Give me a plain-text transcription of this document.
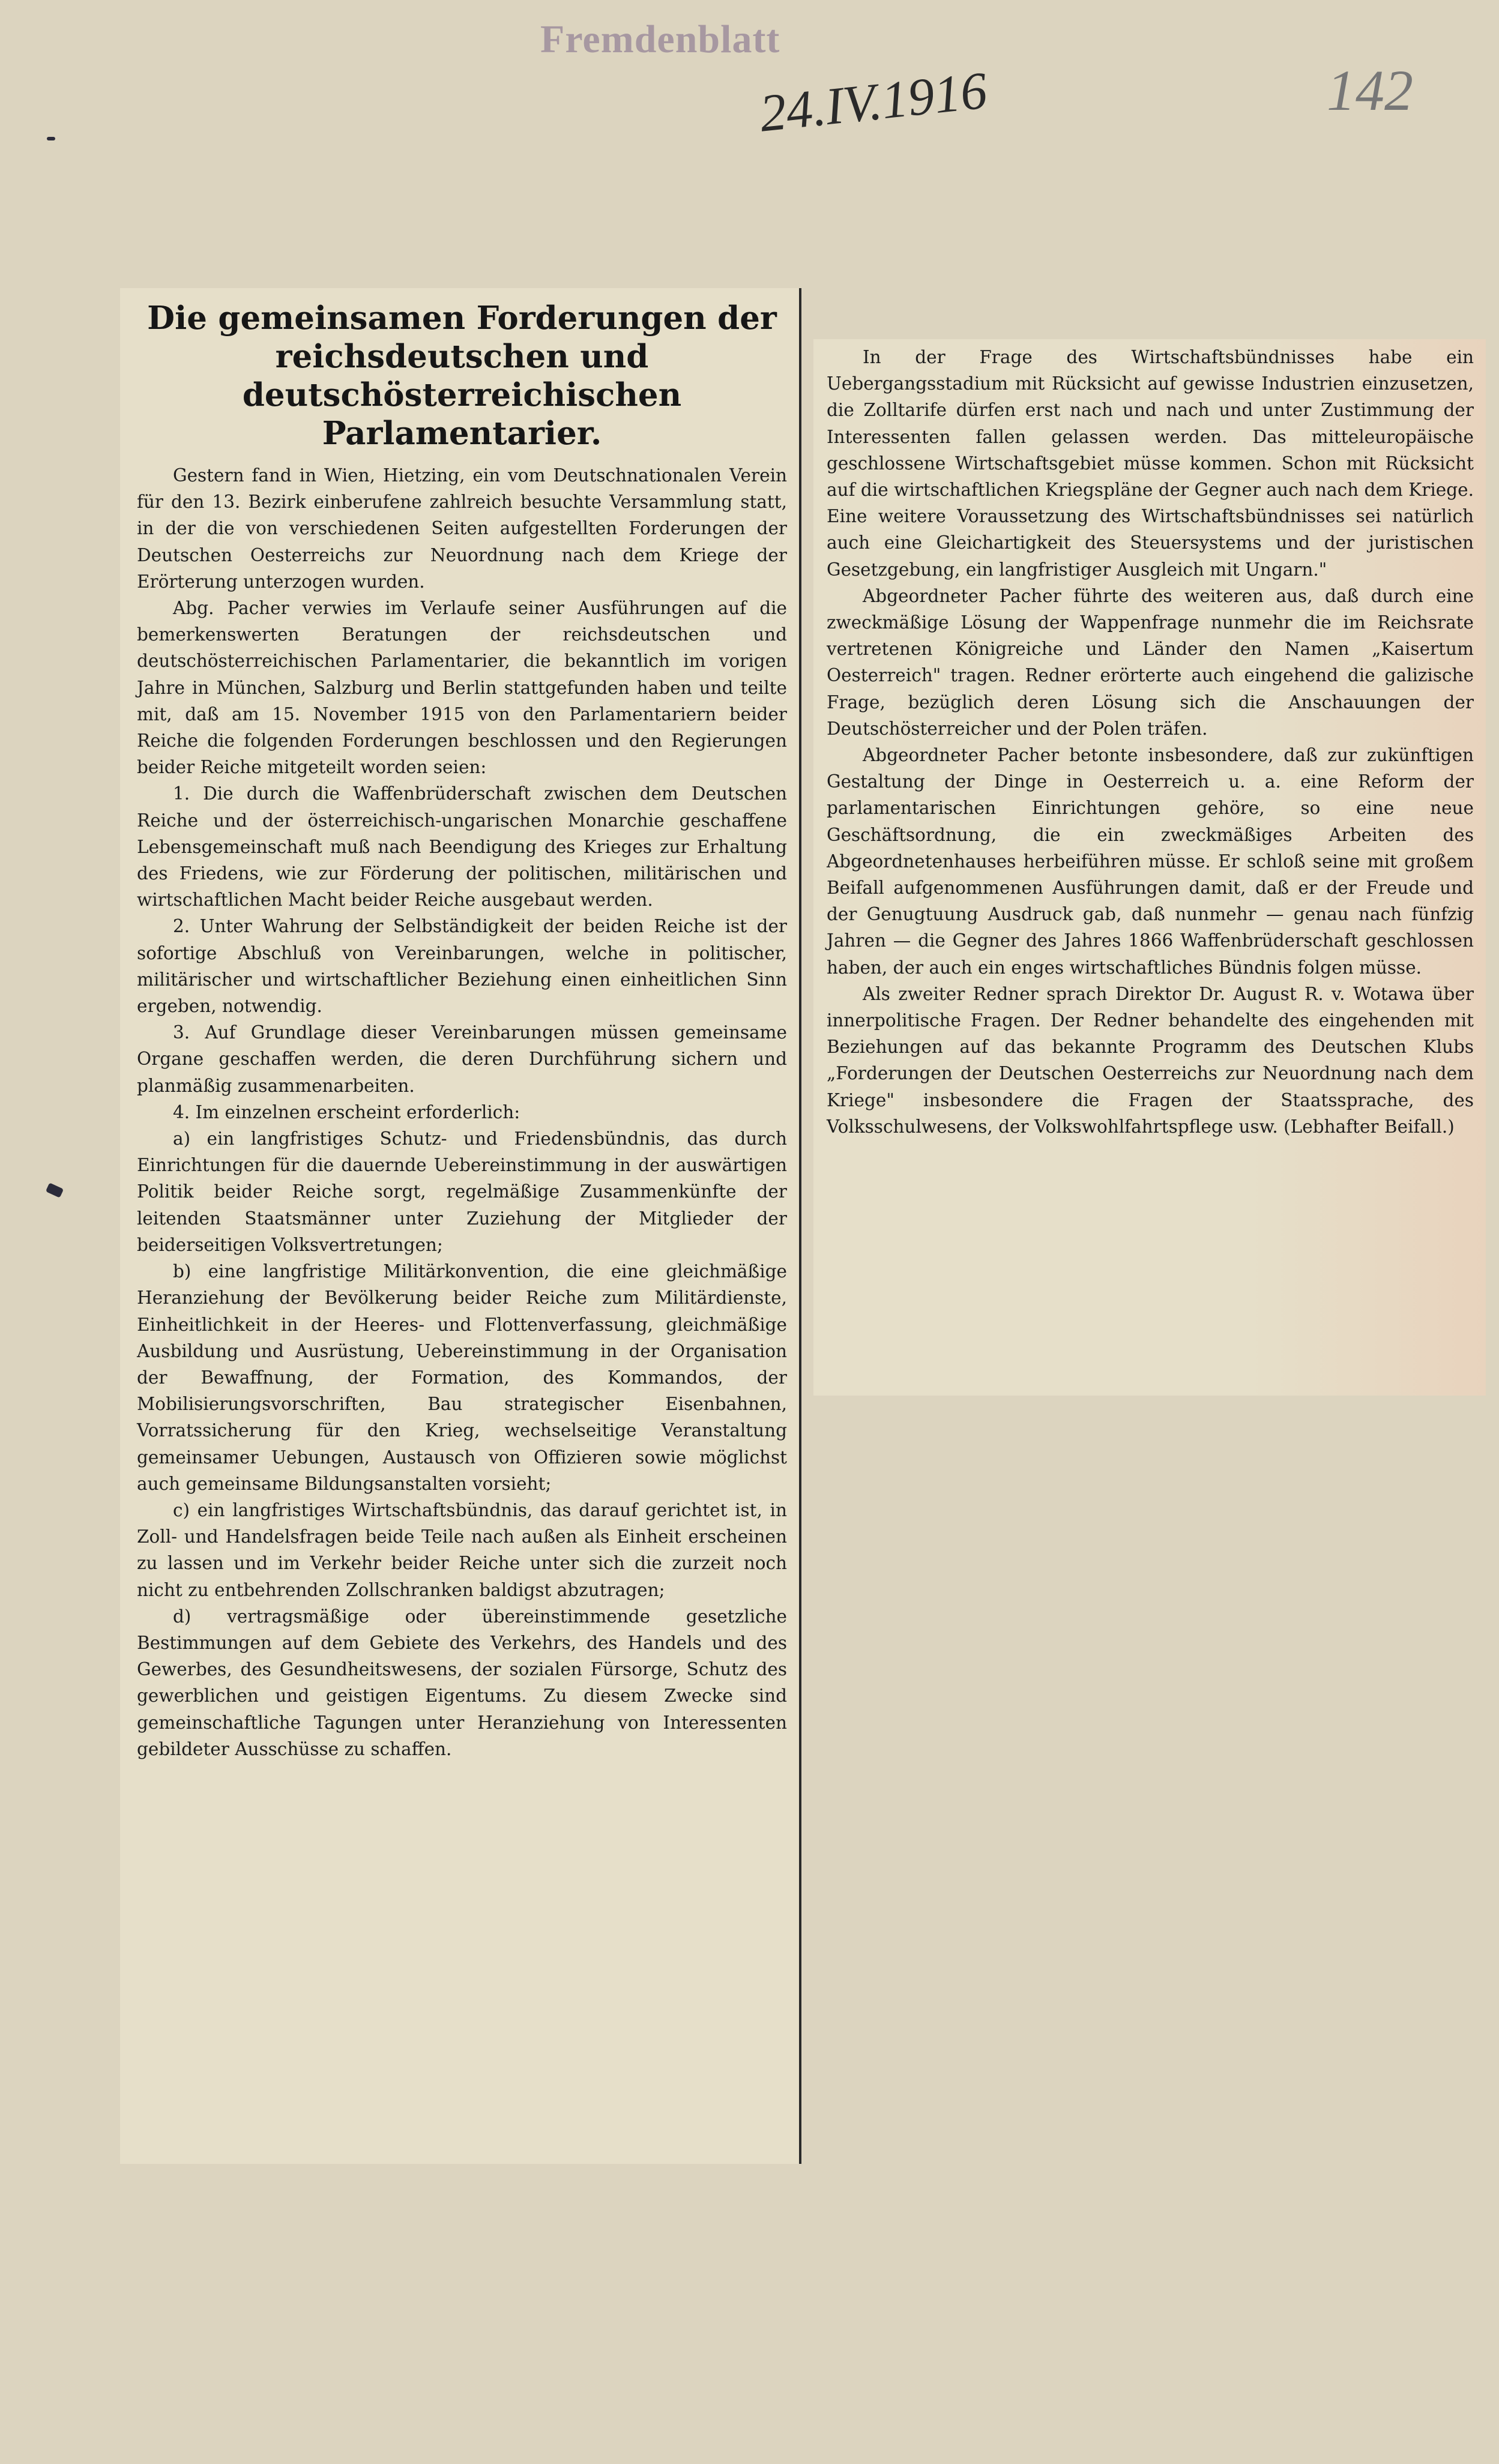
Fremdenblatt
24.IV.1916	142
Die gemeinsamen Forderungen der reichsdeutschen und deutschösterreichischen Parlamentarier.

Gestern fand in Wien, Hietzing, ein vom Deutschnationalen Verein für den 13. Bezirk einberufene zahlreich besuchte Versammlung statt, in der die von verschiedenen Seiten aufgestellten Forderungen der Deutschen Oesterreichs zur Neuordnung nach dem Kriege der Erörterung unterzogen wurden.

Abg. Pacher verwies im Verlaufe seiner Ausführungen auf die bemerkenswerten Beratungen der reichsdeutschen und deutschösterreichischen Parlamentarier, die bekanntlich im vorigen Jahre in München, Salzburg und Berlin stattgefunden haben und teilte mit, daß am 15. November 1915 von den Parlamentariern beider Reiche die folgenden Forderungen beschlossen und den Regierungen beider Reiche mitgeteilt worden seien:

1. Die durch die Waffenbrüderschaft zwischen dem Deutschen Reiche und der österreichisch-ungarischen Monarchie geschaffene Lebensgemeinschaft muß nach Beendigung des Krieges zur Erhaltung des Friedens, wie zur Förderung der politischen, militärischen und wirtschaftlichen Macht beider Reiche ausgebaut werden.

2. Unter Wahrung der Selbständigkeit der beiden Reiche ist der sofortige Abschluß von Vereinbarungen, welche in politischer, militärischer und wirtschaftlicher Beziehung einen einheitlichen Sinn ergeben, notwendig.

3. Auf Grundlage dieser Vereinbarungen müssen gemeinsame Organe geschaffen werden, die deren Durchführung sichern und planmäßig zusammenarbeiten.

4. Im einzelnen erscheint erforderlich:

a) ein langfristiges Schutz- und Friedensbündnis, das durch Einrichtungen für die dauernde Uebereinstimmung in der auswärtigen Politik beider Reiche sorgt, regelmäßige Zusammenkünfte der leitenden Staatsmänner unter Zuziehung der Mitglieder der beiderseitigen Volksvertretungen;

b) eine langfristige Militärkonvention, die eine gleichmäßige Heranziehung der Bevölkerung beider Reiche zum Militärdienste, Einheitlichkeit in der Heeres- und Flottenverfassung, gleichmäßige Ausbildung und Ausrüstung, Uebereinstimmung in der Organisation der Bewaffnung, der Formation, des Kommandos, der Mobilisierungsvorschriften, Bau strategischer Eisenbahnen, Vorratssicherung für den Krieg, wechselseitige Veranstaltung gemeinsamer Uebungen, Austausch von Offizieren sowie möglichst auch gemeinsame Bildungsanstalten vorsieht;

c) ein langfristiges Wirtschaftsbündnis, das darauf gerichtet ist, in Zoll- und Handelsfragen beide Teile nach außen als Einheit erscheinen zu lassen und im Verkehr beider Reiche unter sich die zurzeit noch nicht zu entbehrenden Zollschranken baldigst abzutragen;

d) vertragsmäßige oder übereinstimmende gesetzliche Bestimmungen auf dem Gebiete des Verkehrs, des Handels und des Gewerbes, des Gesundheitswesens, der sozialen Fürsorge, Schutz des gewerblichen und geistigen Eigentums. Zu diesem Zwecke sind gemeinschaftliche Tagungen unter Heranziehung von Interessenten gebildeter Ausschüsse zu schaffen.

In der Frage des Wirtschaftsbündnisses habe ein Uebergangsstadium mit Rücksicht auf gewisse Industrien einzusetzen, die Zolltarife dürfen erst nach und nach und unter Zustimmung der Interessenten fallen gelassen werden. Das mitteleuropäische geschlossene Wirtschaftsgebiet müsse kommen. Schon mit Rücksicht auf die wirtschaftlichen Kriegspläne der Gegner auch nach dem Kriege. Eine weitere Voraussetzung des Wirtschaftsbündnisses sei natürlich auch eine Gleichartigkeit des Steuersystems und der juristischen Gesetzgebung, ein langfristiger Ausgleich mit Ungarn."

Abgeordneter Pacher führte des weiteren aus, daß durch eine zweckmäßige Lösung der Wappenfrage nunmehr die im Reichsrate vertretenen Königreiche und Länder den Namen „Kaisertum Oesterreich" tragen. Redner erörterte auch eingehend die galizische Frage, bezüglich deren Lösung sich die Anschauungen der Deutschösterreicher und der Polen träfen.

Abgeordneter Pacher betonte insbesondere, daß zur zukünftigen Gestaltung der Dinge in Oesterreich u. a. eine Reform der parlamentarischen Einrichtungen gehöre, so eine neue Geschäftsordnung, die ein zweckmäßiges Arbeiten des Abgeordnetenhauses herbeiführen müsse. Er schloß seine mit großem Beifall aufgenommenen Ausführungen damit, daß er der Freude und der Genugtuung Ausdruck gab, daß nunmehr — genau nach fünfzig Jahren — die Gegner des Jahres 1866 Waffenbrüderschaft geschlossen haben, der auch ein enges wirtschaftliches Bündnis folgen müsse.

Als zweiter Redner sprach Direktor Dr. August R. v. Wotawa über innerpolitische Fragen. Der Redner behandelte des eingehenden mit Beziehungen auf das bekannte Programm des Deutschen Klubs „Forderungen der Deutschen Oesterreichs zur Neuordnung nach dem Kriege" insbesondere die Fragen der Staatssprache, des Volksschulwesens, der Volkswohlfahrtspflege usw. (Lebhafter Beifall.)
